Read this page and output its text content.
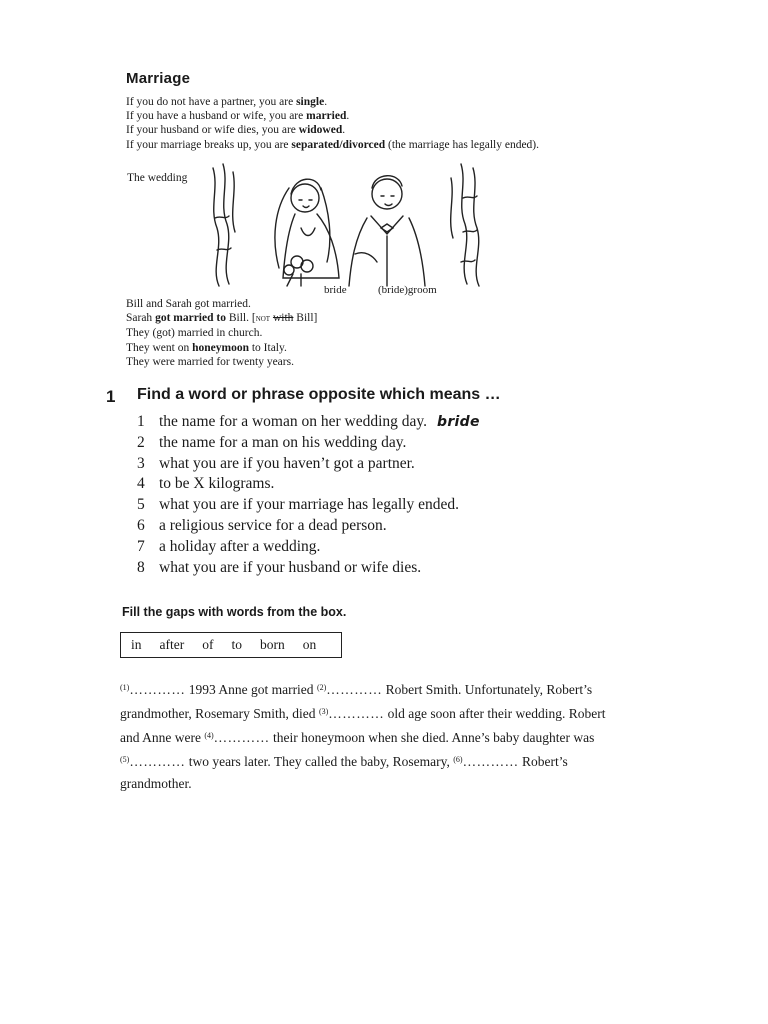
Marriage
If you do not have a partner, you are single.
If you have a husband or wife, you are married.
If your husband or wife dies, you are widowed.
If your marriage breaks up, you are separated/divorced (the marriage has legally ended).
The wedding
bride	(bride)groom
Bill and Sarah got married.
Sarah got married to Bill. [not with Bill]
They (got) married in church.
They went on honeymoon to Italy.
They were married for twenty years.
1 Find a word or phrase opposite which means …
1 the name for a woman on her wedding day. bride
2 the name for a man on his wedding day.
3 what you are if you haven’t got a partner.
4 to be X kilograms.
5 what you are if your marriage has legally ended.
6 a religious service for a dead person.
7 a holiday after a wedding.
8 what you are if your husband or wife dies.
Fill the gaps with words from the box.
in after of to born on
$^{(1)}$………… 1993 Anne got married $^{(2)}$………… Robert Smith. Unfortunately, Robert’s
grandmother, Rosemary Smith, died $^{(3)}$………… old age soon after their wedding. Robert
and Anne were $^{(4)}$………… their honeymoon when she died. Anne’s baby daughter was
$^{(5)}$………… two years later. They called the baby, Rosemary, $^{(6)}$………… Robert’s
grandmother.
